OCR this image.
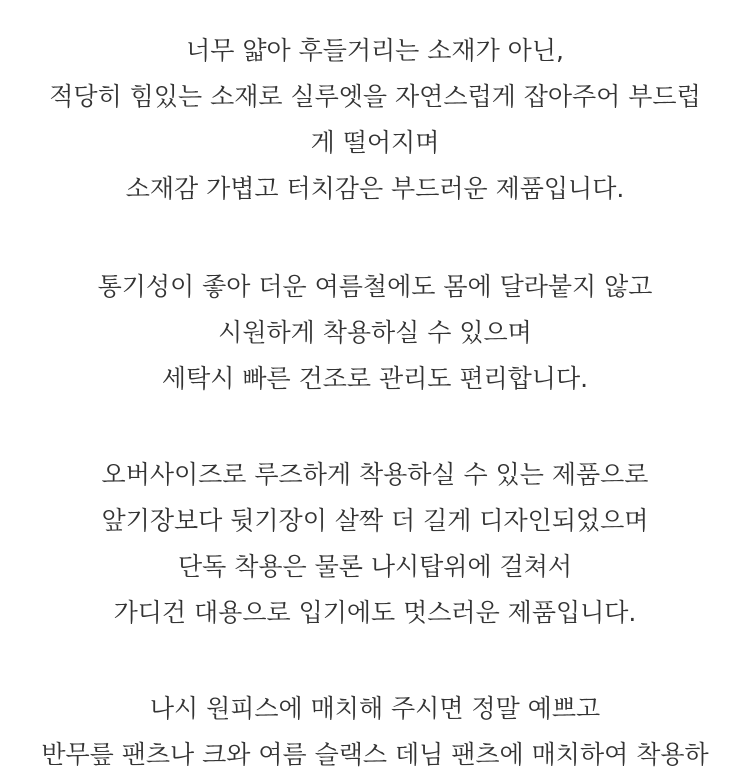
너무 얇아 후들거리는 소재가 아닌,
적당히 힘있는 소재로 실루엣을 자연스럽게 잡아주어 부드럽
게 떨어지며
소재감 가볍고 터치감은 부드러운 제품입니다.
통기성이 좋아 더운 여름철에도 몸에 달라붙지 않고
시원하게 착용하실 수 있으며
세탁시 빠른 건조로 관리도 편리합니다.
오버사이즈로 루즈하게 착용하실 수 있는 제품으로
앞기장보다 뒷기장이 살짝 더 길게 디자인되었으며
단독 착용은 물론 나시탑위에 걸쳐서
가디건 대용으로 입기에도 멋스러운 제품입니다.
나시 원피스에 매치해 주시면 정말 예쁘고
반무릎 팬츠나 크와 여름 슬랙스 데님 팬츠에 매치하여 착용하
